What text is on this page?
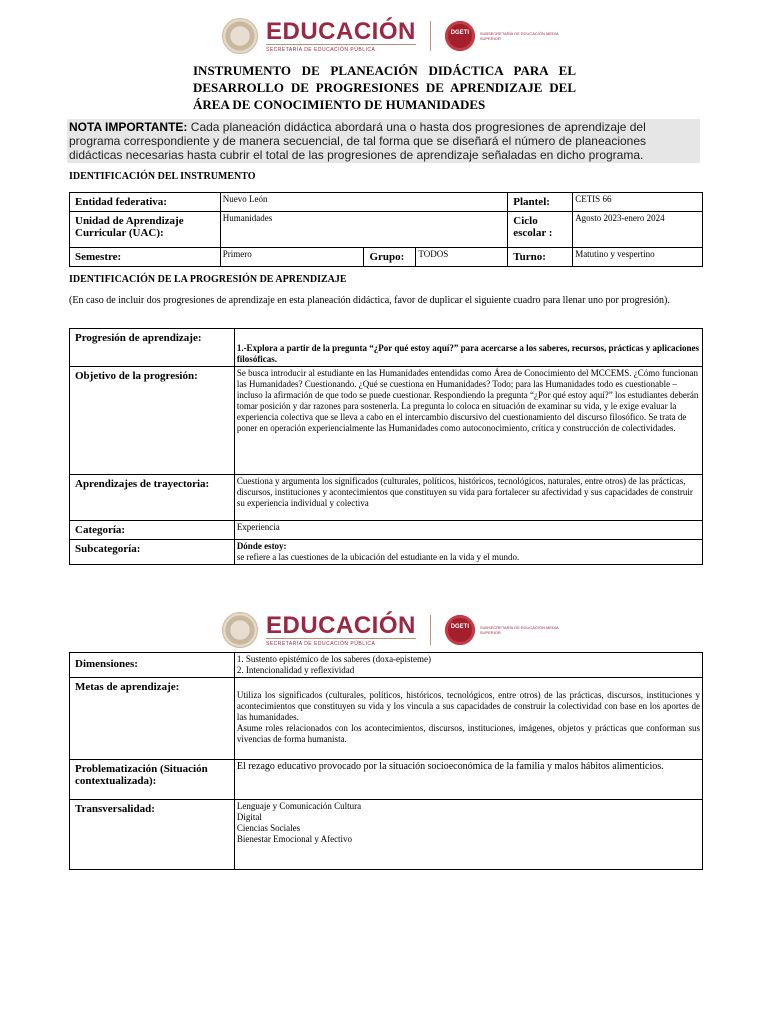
EDUCACIÓN
SECRETARÍA DE EDUCACIÓN PÚBLICA
DGETI	SUBSECRETARÍA DE EDUCACIÓN MEDIA SUPERIOR
INSTRUMENTO DE PLANEACIÓN DIDÁCTICA PARA EL DESARROLLO DE PROGRESIONES DE APRENDIZAJE DEL ÁREA DE CONOCIMIENTO DE HUMANIDADES
NOTA IMPORTANTE: Cada planeación didáctica abordará una o hasta dos progresiones de aprendizaje del programa correspondiente y de manera secuencial, de tal forma que se diseñará el número de planeaciones didácticas necesarias hasta cubrir el total de las progresiones de aprendizaje señaladas en dicho programa.
IDENTIFICACIÓN DEL INSTRUMENTO
Entidad federativa:	Nuevo León			Plantel:	CETIS 66
Unidad de Aprendizaje Curricular (UAC):	Humanidades			Ciclo escolar :	Agosto 2023-enero 2024
Semestre:	Primero	Grupo:	TODOS	Turno:	Matutino y vespertino
IDENTIFICACIÓN DE LA PROGRESIÓN DE APRENDIZAJE
(En caso de incluir dos progresiones de aprendizaje en esta planeación didáctica, favor de duplicar el siguiente cuadro para llenar uno por progresión).
Progresión de aprendizaje:	1.-Explora a partir de la pregunta “¿Por qué estoy aquí?” para acercarse a los saberes, recursos, prácticas y aplicaciones filosóficas.
Objetivo de la progresión:	Se busca introducir al estudiante en las Humanidades entendidas como Área de Conocimiento del MCCEMS. ¿Cómo funcionan las Humanidades? Cuestionando. ¿Qué se cuestiona en Humanidades? Todo; para las Humanidades todo es cuestionable –incluso la afirmación de que todo se puede cuestionar. Respondiendo la pregunta “¿Por qué estoy aquí?” los estudiantes deberán tomar posición y dar razones para sostenerla. La pregunta lo coloca en situación de examinar su vida, y le exige evaluar la experiencia colectiva que se lleva a cabo en el intercambio discursivo del cuestionamiento del discurso filosófico. Se trata de poner en operación experiencialmente las Humanidades como autoconocimiento, crítica y construcción de colectividades.
Aprendizajes de trayectoria:	Cuestiona y argumenta los significados (culturales, políticos, históricos, tecnológicos, naturales, entre otros) de las prácticas, discursos, instituciones y acontecimientos que constituyen su vida para fortalecer su afectividad y sus capacidades de construir su experiencia individual y colectiva
Categoría:	Experiencia
Subcategoría:	Dónde estoy:
se refiere a las cuestiones de la ubicación del estudiante en la vida y el mundo.
EDUCACIÓN
SECRETARÍA DE EDUCACIÓN PÚBLICA
DGETI	SUBSECRETARÍA DE EDUCACIÓN MEDIA SUPERIOR
Dimensiones:	1. Sustento epistémico de los saberes (doxa-episteme)
2. Intencionalidad y reflexividad

Metas de aprendizaje:	Utiliza los significados (culturales, políticos, históricos, tecnológicos, entre otros) de las prácticas, discursos, instituciones y acontecimientos que constituyen su vida y los vincula a sus capacidades de construir la colectividad con base en los aportes de las humanidades.
Asume roles relacionados con los acontecimientos, discursos, instituciones, imágenes, objetos y prácticas que conforman sus vivencias de forma humanista.

Problematización (Situación contextualizada):	El rezago educativo provocado por la situación socioeconómica de la familia y malos hábitos alimenticios.
Transversalidad:	Lenguaje y Comunicación Cultura
Digital
Ciencias Sociales
Bienestar Emocional y Afectivo
